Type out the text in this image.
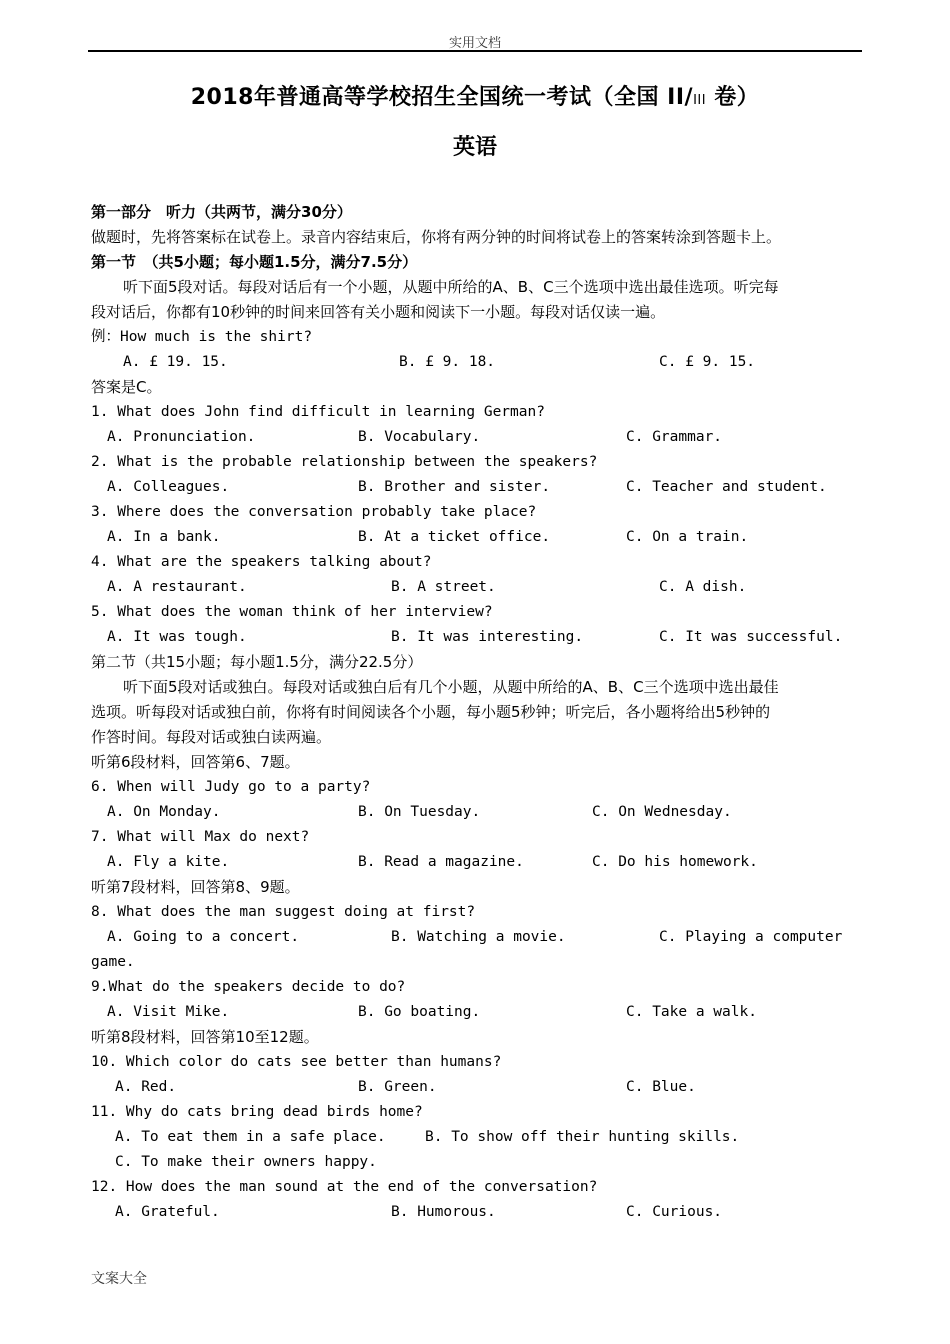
实用文档
2018年普通高等学校招生全国统一考试（全国 II/III 卷）
英语
第一部分　听力（共两节，满分30分）
做题时，先将答案标在试卷上。录音内容结束后，你将有两分钟的时间将试卷上的答案转涂到答题卡上。
第一节　（共5小题；每小题1.5分，满分7.5分）
听下面5段对话。每段对话后有一个小题，从题中所给的A、B、C三个选项中选出最佳选项。听完每
段对话后，你都有10秒钟的时间来回答有关小题和阅读下一小题。每段对话仅读一遍。
例：How much is the shirt?
A. £ 19. 15.	B. £ 9. 18.	C. £ 9. 15.
答案是C。
1. What does John find difficult in learning German?
A. Pronunciation.	B. Vocabulary.	C. Grammar.
2. What is the probable relationship between the speakers?
A. Colleagues.	B. Brother and sister.	C. Teacher and student.
3. Where does the conversation probably take place?
A. In a bank.	B. At a ticket office.	C. On a train.
4. What are the speakers talking about?
A. A restaurant.	B. A street.	C. A dish.
5. What does the woman think of her interview?
A. It was tough.	B. It was interesting.	C. It was successful.
第二节（共15小题；每小题1.5分，满分22.5分）
听下面5段对话或独白。每段对话或独白后有几个小题，从题中所给的A、B、C三个选项中选出最佳
选项。听每段对话或独白前，你将有时间阅读各个小题，每小题5秒钟；听完后，各小题将给出5秒钟的
作答时间。每段对话或独白读两遍。
听第6段材料，回答第6、7题。
6. When will Judy go to a party?
A. On Monday.	B. On Tuesday.	C. On Wednesday.
7. What will Max do next?
A. Fly a kite.	B. Read a magazine.	C. Do his homework.
听第7段材料，回答第8、9题。
8. What does the man suggest doing at first?
A. Going to a concert.	B. Watching a movie.	C. Playing a computer
game.
9.What do the speakers decide to do?
A. Visit Mike.	B. Go boating.	C. Take a walk.
听第8段材料，回答第10至12题。
10. Which color do cats see better than humans?
A. Red.	B. Green.	C. Blue.
11. Why do cats bring dead birds home?
A. To eat them in a safe place.	B. To show off their hunting skills.
C. To make their owners happy.
12. How does the man sound at the end of the conversation?
A. Grateful.	B. Humorous.	C. Curious.
文案大全
